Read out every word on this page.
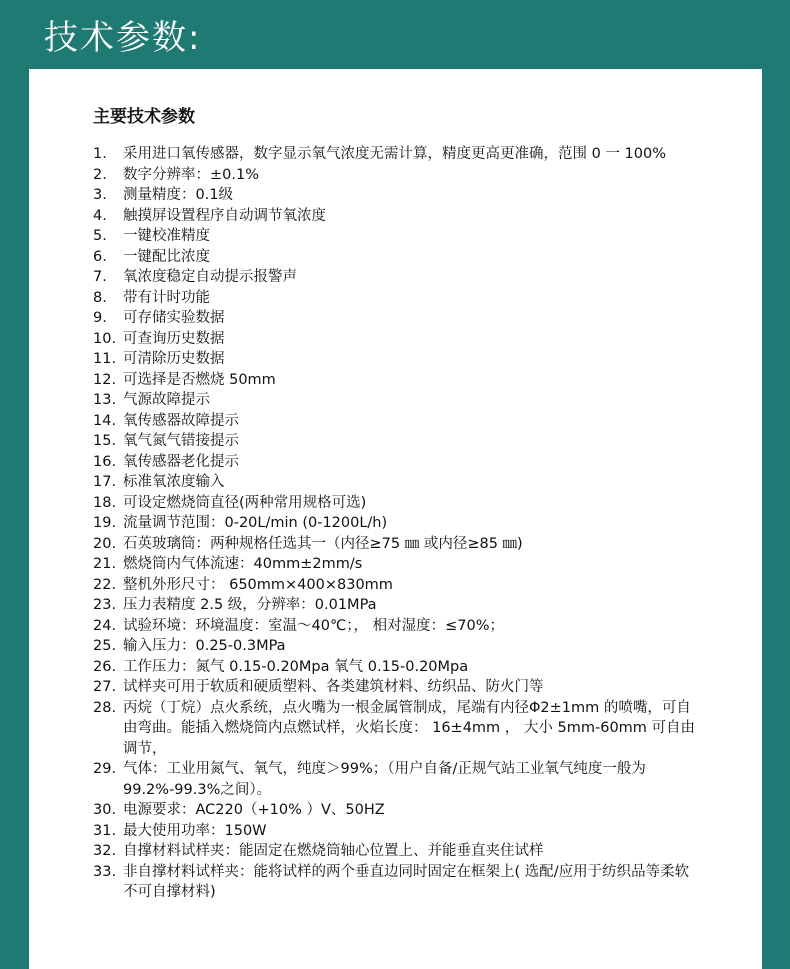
技术参数:
主要技术参数
1.	采用进口氧传感器，数字显示氧气浓度无需计算，精度更高更准确，范围 0 一 100%
2.	数字分辨率：±0.1%
3.	测量精度：0.1级
4.	触摸屏设置程序自动调节氧浓度
5.	一键校准精度
6.	一键配比浓度
7.	氧浓度稳定自动提示报警声
8.	带有计时功能
9.	可存储实验数据
10. 可查询历史数据
11. 可清除历史数据
12. 可选择是否燃烧 50mm
13. 气源故障提示
14. 氧传感器故障提示
15. 氧气氮气错接提示
16. 氧传感器老化提示
17. 标准氧浓度输入
18. 可设定燃烧筒直径(两种常用规格可选)
19. 流量调节范围：0-20L/min (0-1200L/h)
20. 石英玻璃筒：两种规格任选其一（内径≥75 ㎜ 或内径≥85 ㎜)
21. 燃烧筒内气体流速：40mm±2mm/s
22. 整机外形尺寸： 650mm×400×830mm
23. 压力表精度 2.5 级，分辨率：0.01MPa
24. 试验环境：环境温度：室温～40℃；， 相对湿度：≤70%；
25. 输入压力：0.25-0.3MPa
26. 工作压力：氮气 0.15-0.20Mpa 氧气 0.15-0.20Mpa
27. 试样夹可用于软质和硬质塑料、各类建筑材料、纺织品、防火门等
28. 丙烷（丁烷）点火系统，点火嘴为一根金属管制成，尾端有内径Φ2±1mm 的喷嘴，可自由弯曲。能插入燃烧筒内点燃试样，火焰长度： 16±4mm ， 大小 5mm-60mm 可自由调节，
29. 气体：工业用氮气、氧气，纯度＞99%；（用户自备/正规气站工业氧气纯度一般为 99.2%-99.3%之间）。
30. 电源要求：AC220（+10% ）V、50HZ
31. 最大使用功率：150W
32. 自撑材料试样夹：能固定在燃烧筒轴心位置上、并能垂直夹住试样
33. 非自撑材料试样夹：能将试样的两个垂直边同时固定在框架上( 选配/应用于纺织品等柔软不可自撑材料)
